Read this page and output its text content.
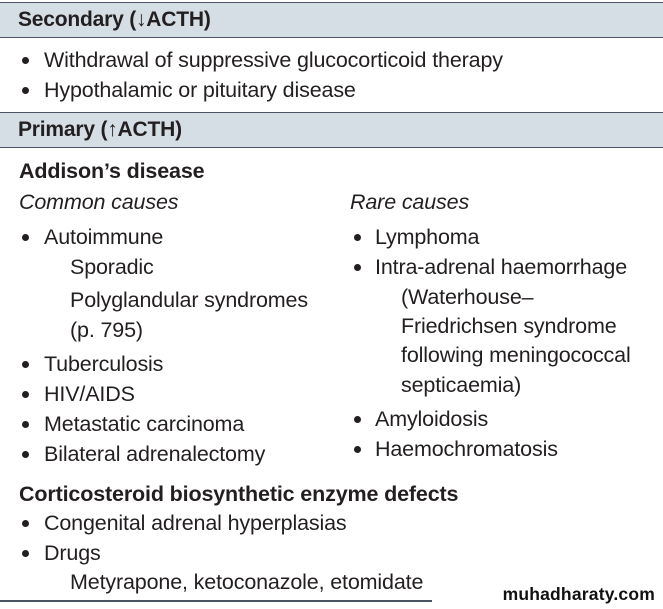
Secondary (↓ACTH)
Withdrawal of suppressive glucocorticoid therapy
Hypothalamic or pituitary disease
Primary (↑ACTH)
Addison’s disease
Common causes
Autoimmune
Sporadic
Polyglandular syndromes
(p. 795)
Tuberculosis
HIV/AIDS
Metastatic carcinoma
Bilateral adrenalectomy
Rare causes
Lymphoma
Intra-adrenal haemorrhage
(Waterhouse–
Friedrichsen syndrome
following meningococcal
septicaemia)
Amyloidosis
Haemochromatosis
Corticosteroid biosynthetic enzyme defects
Congenital adrenal hyperplasias
Drugs
Metyrapone, ketoconazole, etomidate	muhadharaty.com
